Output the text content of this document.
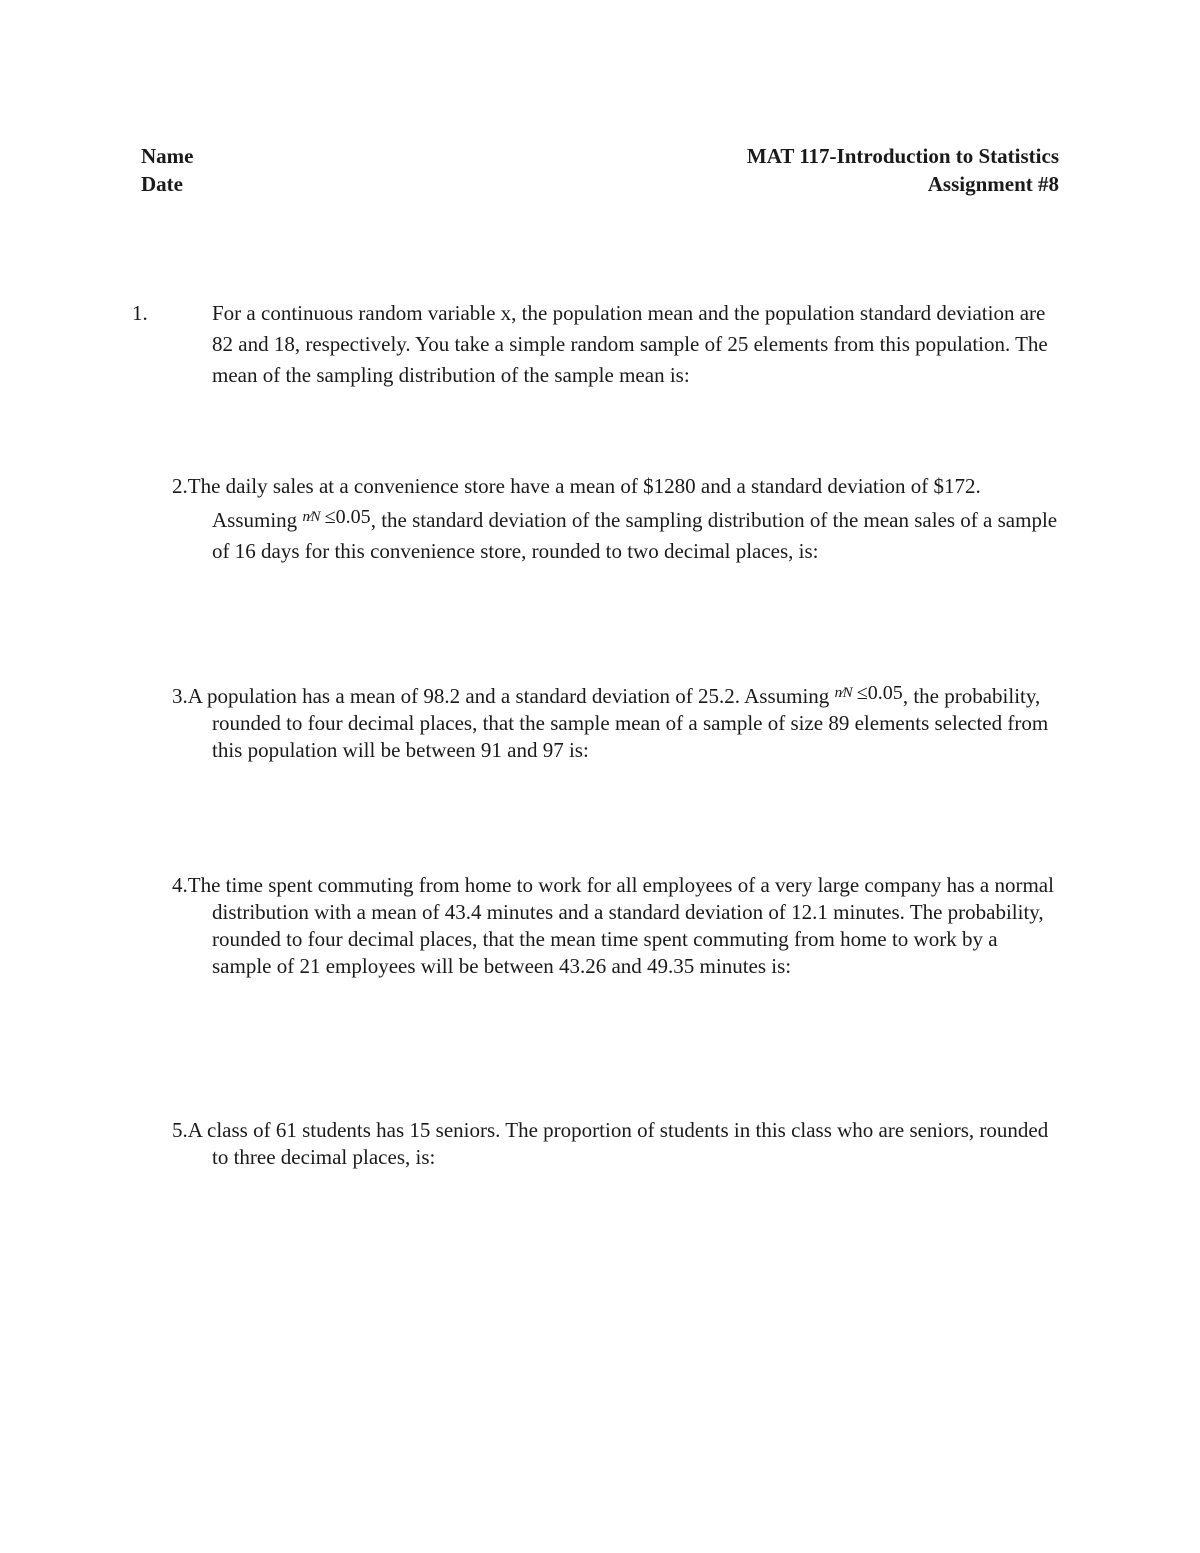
Name	MAT 117-Introduction to Statistics
Date	Assignment #8
1.	For a continuous random variable x, the population mean and the population standard deviation are 82 and 18, respectively. You take a simple random sample of 25 elements from this population. The mean of the sampling distribution of the sample mean is:
2.The daily sales at a convenience store have a mean of $1280 and a standard deviation of $172. Assuming $^{n⁄N}$ ≤0.05, the standard deviation of the sampling distribution of the mean sales of a sample of 16 days for this convenience store, rounded to two decimal places, is:
3.A population has a mean of 98.2 and a standard deviation of 25.2. Assuming $^{n⁄N}$ ≤0.05, the probability, rounded to four decimal places, that the sample mean of a sample of size 89 elements selected from this population will be between 91 and 97 is:
4.The time spent commuting from home to work for all employees of a very large company has a normal distribution with a mean of 43.4 minutes and a standard deviation of 12.1 minutes. The probability, rounded to four decimal places, that the mean time spent commuting from home to work by a sample of 21 employees will be between 43.26 and 49.35 minutes is:
5.A class of 61 students has 15 seniors. The proportion of students in this class who are seniors, rounded to three decimal places, is:
